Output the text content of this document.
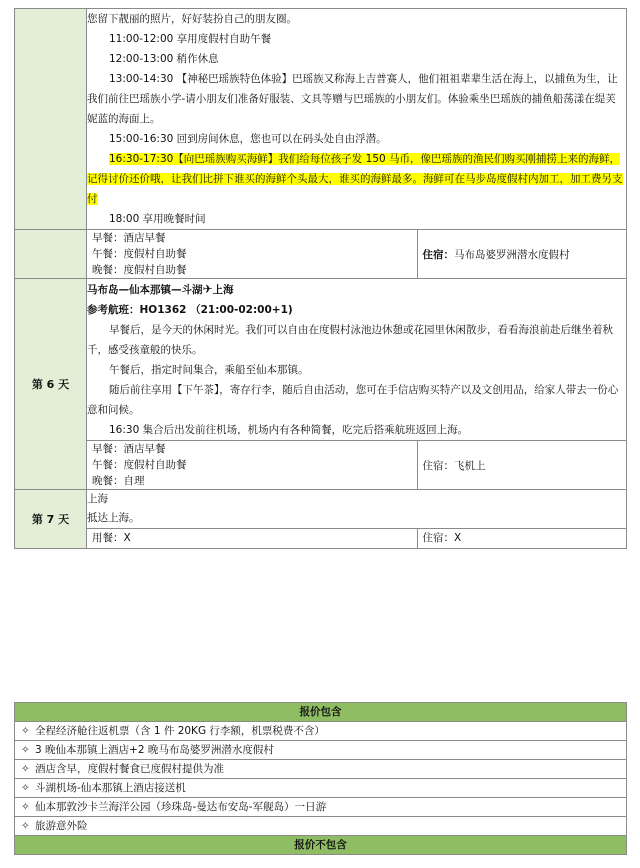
您留下靓丽的照片，好好装扮自己的朋友圈。
11:00-12:00 享用度假村自助午餐
12:00-13:00 稍作休息
13:00-14:30 【神秘巴瑶族特色体验】巴瑶族又称海上吉普赛人，他们祖祖辈辈生活在海上，以捕鱼为生，让我们前往巴瑶族小学-请小朋友们准备好服装、文具等赠与巴瑶族的小朋友们。体验乘坐巴瑶族的捕鱼船荡漾在缇芙妮蓝的海面上。
15:00-16:30 回到房间休息，您也可以在码头处自由浮潜。
16:30-17:30【向巴瑶族购买海鲜】我们给每位孩子发 150 马币，像巴瑶族的渔民们购买刚捕捞上来的海鲜，记得讨价还价哦，让我们比拼下谁买的海鲜个头最大，谁买的海鲜最多。海鲜可在马步岛度假村内加工，加工费另支付
18:00 享用晚餐时间

早餐：酒店早餐
午餐：度假村自助餐
晚餐：度假村自助餐
	住宿：马布岛婆罗洲潜水度假村

第 6 天	
马布岛—仙本那镇—斗湖✈上海
参考航班：HO1362 （21:00-02:00+1)
早餐后，是今天的休闲时光。我们可以自由在度假村泳池边休憩或花园里休闲散步，看看海浪前赴后继坐着秋千，感受孩童般的快乐。
午餐后，指定时间集合，乘船至仙本那镇。
随后前往享用【下午茶】，寄存行李，随后自由活动，您可在手信店购买特产以及文创用品，给家人带去一份心意和问候。
16:30 集合后出发前往机场，机场内有各种简餐，吃完后搭乘航班返回上海。

早餐：酒店早餐
午餐：度假村自助餐
晚餐：自理
	住宿：飞机上

第 7 天	
上海
抵达上海。

用餐：X	住宿：X
报价包含
✧ 全程经济舱往返机票（含 1 件 20KG 行李额，机票税费不含）
✧ 3 晚仙本那镇上酒店+2 晚马布岛婆罗洲潜水度假村
✧ 酒店含早，度假村餐食已度假村提供为准
✧ 斗湖机场-仙本那镇上酒店接送机
✧ 仙本那敦沙卡兰海洋公园（珍珠岛-曼达布安岛-军舰岛）一日游
✧ 旅游意外险
报价不包含
